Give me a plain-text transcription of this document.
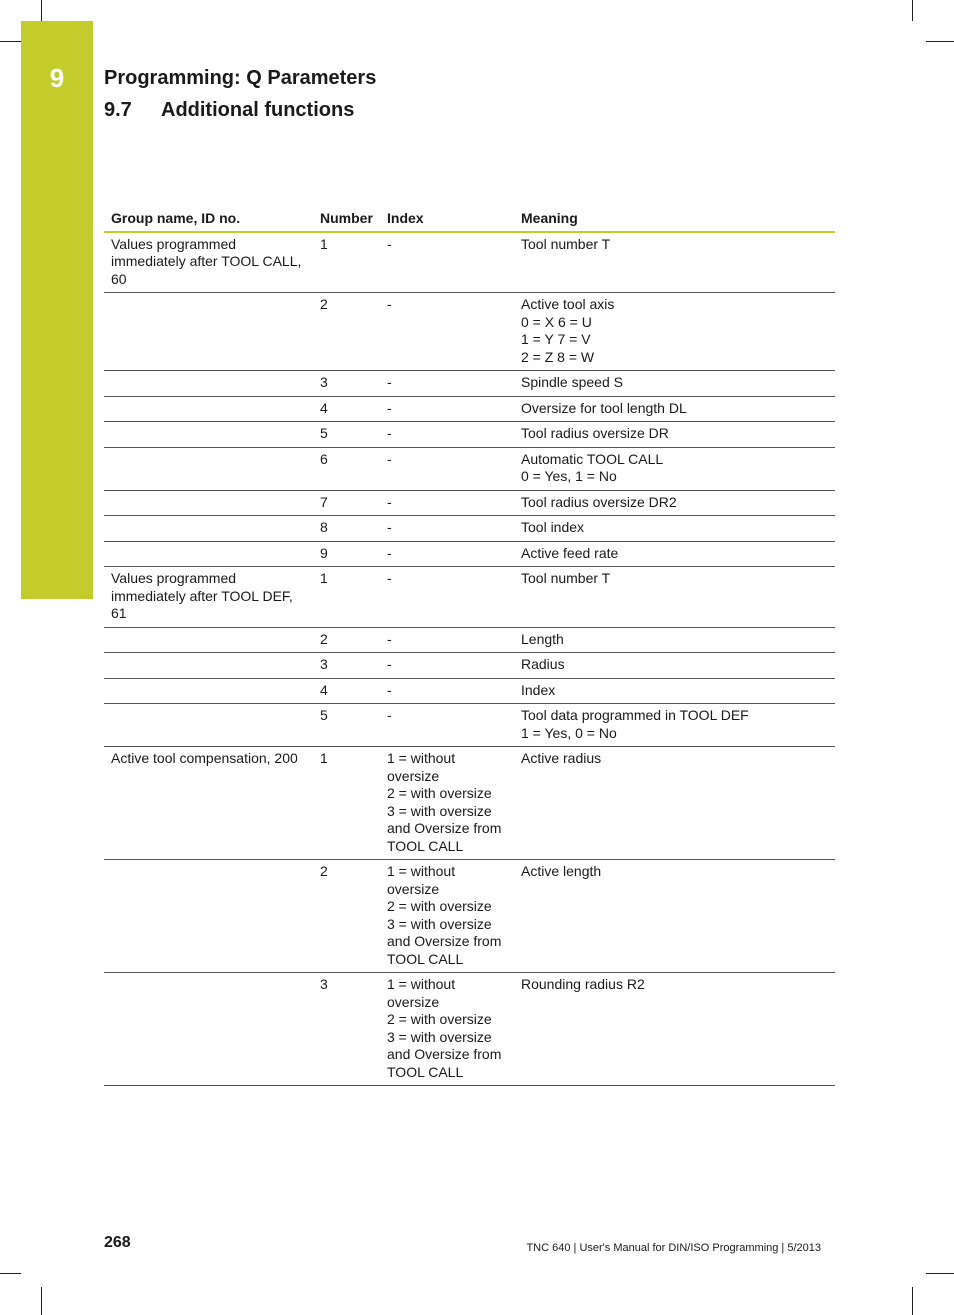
9	Programming: Q Parameters
9.7 Additional functions
Group name, ID no.	Number	Index	Meaning
Values programmed immediately after TOOL CALL, 60	1	-	Tool number T
	2	-	Active tool axis
0 = X 6 = U
1 = Y 7 = V
2 = Z 8 = W
	3	-	Spindle speed S
	4	-	Oversize for tool length DL
	5	-	Tool radius oversize DR
	6	-	Automatic TOOL CALL
0 = Yes, 1 = No
	7	-	Tool radius oversize DR2
	8	-	Tool index
	9	-	Active feed rate
Values programmed immediately after TOOL DEF, 61	1	-	Tool number T
	2	-	Length
	3	-	Radius
	4	-	Index
	5	-	Tool data programmed in TOOL DEF
1 = Yes, 0 = No
Active tool compensation, 200	1	1 = without oversize
2 = with oversize
3 = with oversize and Oversize from TOOL CALL	Active radius
	2	1 = without oversize
2 = with oversize
3 = with oversize and Oversize from TOOL CALL	Active length
	3	1 = without oversize
2 = with oversize
3 = with oversize and Oversize from TOOL CALL	Rounding radius R2

268	TNC 640 | User's Manual for DIN/ISO Programming | 5/2013
